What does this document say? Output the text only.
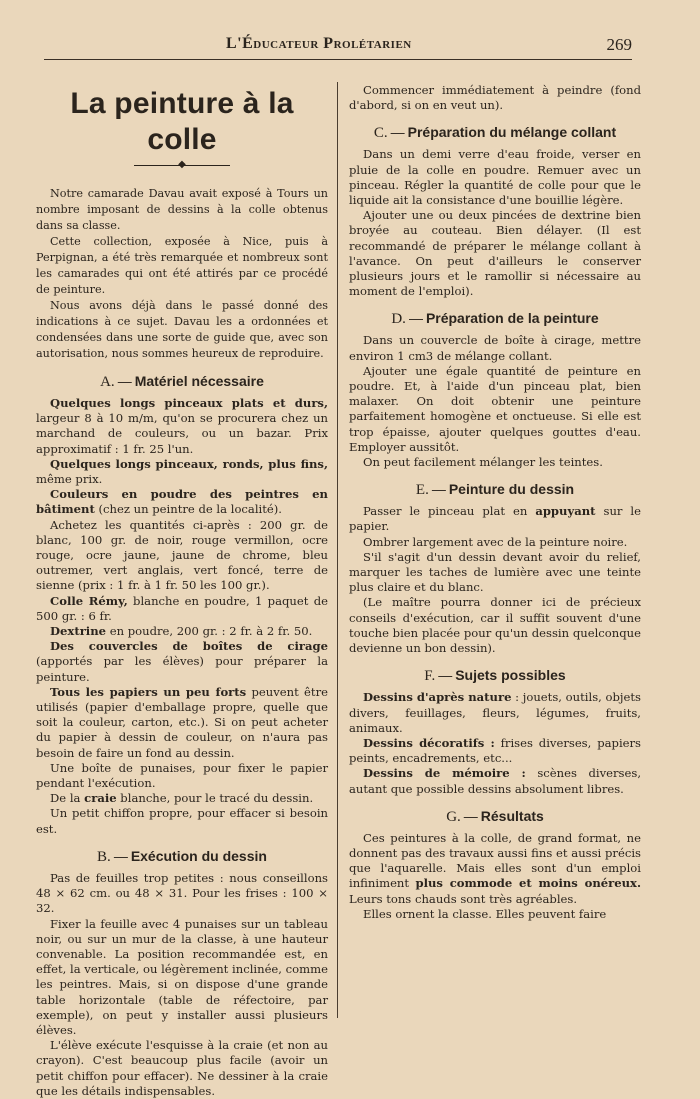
L'Éducateur Prolétarien	269
La peinture à la colle
◆

Notre camarade Davau avait exposé à Tours un nombre imposant de dessins à la colle obtenus dans sa classe.

Cette collection, exposée à Nice, puis à Perpignan, a été très remarquée et nombreux sont les camarades qui ont été attirés par ce procédé de peinture.

Nous avons déjà dans le passé donné des indications à ce sujet. Davau les a ordonnées et condensées dans une sorte de guide que, avec son autorisation, nous sommes heureux de reproduire.

A. — Matériel nécessaire

Quelques longs pinceaux plats et durs, largeur 8 à 10 m/m, qu'on se procurera chez un marchand de couleurs, ou un bazar. Prix approximatif : 1 fr. 25 l'un.

Quelques longs pinceaux, ronds, plus fins, même prix.

Couleurs en poudre des peintres en bâtiment (chez un peintre de la localité).

Achetez les quantités ci-après : 200 gr. de blanc, 100 gr. de noir, rouge vermillon, ocre rouge, ocre jaune, jaune de chrome, bleu outremer, vert anglais, vert foncé, terre de sienne (prix : 1 fr. à 1 fr. 50 les 100 gr.).

Colle Rémy, blanche en poudre, 1 paquet de 500 gr. : 6 fr.

Dextrine en poudre, 200 gr. : 2 fr. à 2 fr. 50.

Des couvercles de boîtes de cirage (apportés par les élèves) pour préparer la peinture.

Tous les papiers un peu forts peuvent être utilisés (papier d'emballage propre, quelle que soit la couleur, carton, etc.). Si on peut acheter du papier à dessin de couleur, on n'aura pas besoin de faire un fond au dessin.

Une boîte de punaises, pour fixer le papier pendant l'exécution.

De la craie blanche, pour le tracé du dessin.

Un petit chiffon propre, pour effacer si besoin est.

B. — Exécution du dessin

Pas de feuilles trop petites : nous conseillons 48 × 62 cm. ou 48 × 31. Pour les frises : 100 × 32.

Fixer la feuille avec 4 punaises sur un tableau noir, ou sur un mur de la classe, à une hauteur convenable. La position recommandée est, en effet, la verticale, ou légèrement inclinée, comme les peintres. Mais, si on dispose d'une grande table horizontale (table de réfectoire, par exemple), on peut y installer aussi plusieurs élèves.

L'élève exécute l'esquisse à la craie (et non au crayon). C'est beaucoup plus facile (avoir un petit chiffon pour effacer). Ne dessiner à la craie que les détails indispensables.

Commencer immédiatement à peindre (fond d'abord, si on en veut un).

C. — Préparation du mélange collant

Dans un demi verre d'eau froide, verser en pluie de la colle en poudre. Remuer avec un pinceau. Régler la quantité de colle pour que le liquide ait la consistance d'une bouillie légère.

Ajouter une ou deux pincées de dextrine bien broyée au couteau. Bien délayer. (Il est recommandé de préparer le mélange collant à l'avance. On peut d'ailleurs le conserver plusieurs jours et le ramollir si nécessaire au moment de l'emploi).

D. — Préparation de la peinture

Dans un couvercle de boîte à cirage, mettre environ 1 cm3 de mélange collant.

Ajouter une égale quantité de peinture en poudre. Et, à l'aide d'un pinceau plat, bien malaxer. On doit obtenir une peinture parfaitement homogène et onctueuse. Si elle est trop épaisse, ajouter quelques gouttes d'eau. Employer aussitôt.

On peut facilement mélanger les teintes.

E. — Peinture du dessin

Passer le pinceau plat en appuyant sur le papier.

Ombrer largement avec de la peinture noire.

S'il s'agit d'un dessin devant avoir du relief, marquer les taches de lumière avec une teinte plus claire et du blanc.

(Le maître pourra donner ici de précieux conseils d'exécution, car il suffit souvent d'une touche bien placée pour qu'un dessin quelconque devienne un bon dessin).

F. — Sujets possibles

Dessins d'après nature : jouets, outils, objets divers, feuillages, fleurs, légumes, fruits, animaux.

Dessins décoratifs : frises diverses, papiers peints, encadrements, etc...

Dessins de mémoire : scènes diverses, autant que possible dessins absolument libres.

G. — Résultats

Ces peintures à la colle, de grand format, ne donnent pas des travaux aussi fins et aussi précis que l'aquarelle. Mais elles sont d'un emploi infiniment plus commode et moins onéreux. Leurs tons chauds sont très agréables.

Elles ornent la classe. Elles peuvent faire
